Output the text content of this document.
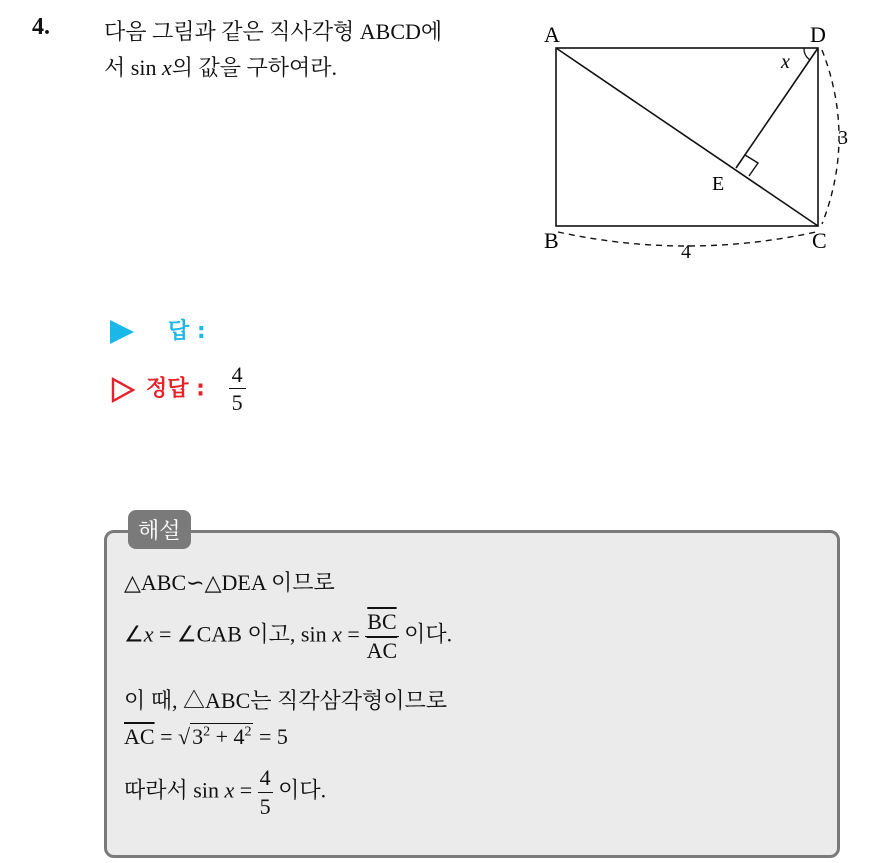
4. 다음 그림과 같은 직사각형 ABCD에
서 sin x의 값을 구하여라.
A	D
B	C
E
x
4
3
답 :
정답 : $\frac{4}{5}$
해설
△ABC∽△DEA 이므로
∠x = ∠CAB 이고, $\sin x = \frac{\overline{BC}}{AC}$ 이다.
이 때, △ABC는 직각삼각형이므로
$\overline{AC} = √3^2 + 4^2 = 5$
따라서 $\sin x = \frac{4}{5}$ 이다.
